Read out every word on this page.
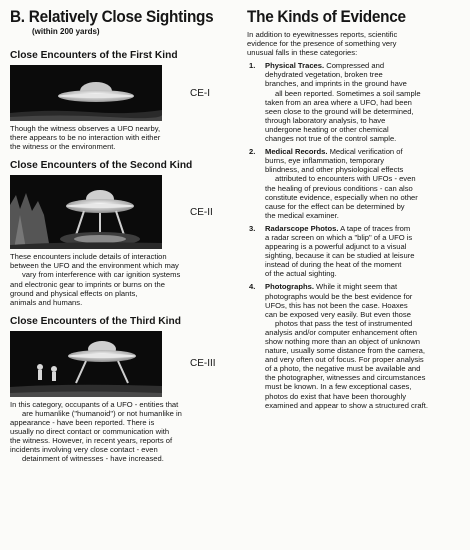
B. Relatively Close Sightings
(within 200 yards)
Close Encounters of the First Kind
CE-I
Though the witness observes a UFO nearby,
there appears to be no interaction with either
the witness or the environment.
Close Encounters of the Second Kind
CE-II
These encounters include details of interaction
between the UFO and the environment which may
vary from interference with car ignition systems
and electronic gear to imprints or burns on the
ground and physical effects on plants,
animals and humans.
Close Encounters of the Third Kind
CE-III
In this category, occupants of a UFO - entities that
are humanlike ("humanoid") or not humanlike in
appearance - have been reported. There is
usually no direct contact or communication with
the witness. However, in recent years, reports of
incidents involving very close contact - even
detainment of witnesses - have increased.
The Kinds of Evidence
In addition to eyewitnesses reports, scientific
evidence for the presence of something very
unusual falls in these categories:
1. Physical Traces. Compressed and
dehydrated vegetation, broken tree
branches, and imprints in the ground have
all been reported. Sometimes a soil sample
taken from an area where a UFO, had been
seen close to the ground will be determined,
through laboratory analysis, to have
undergone heating or other chemical
changes not true of the control sample.
2. Medical Records. Medical verification of
burns, eye inflammation, temporary
blindness, and other physiological effects
attributed to encounters with UFOs - even
the healing of previous conditions - can also
constitute evidence, especially when no other
cause for the effect can be determined by
the medical examiner.
3. Radarscope Photos. A tape of traces from
a radar screen on which a "blip" of a UFO is
appearing is a powerful adjunct to a visual
sighting, because it can be studied at leisure
instead of during the heat of the moment
of the actual sighting.
4. Photographs. While it might seem that
photographs would be the best evidence for
UFOs, this has not been the case. Hoaxes
can be exposed very easily. But even those
photos that pass the test of instrumented
analysis and/or computer enhancement often
show nothing more than an object of unknown
nature, usually some distance from the camera,
and very often out of focus. For proper analysis
of a photo, the negative must be available and
the photographer, witnesses and circumstances
must be known. In a few exceptional cases,
photos do exist that have been thoroughly
examined and appear to show a structured craft.
